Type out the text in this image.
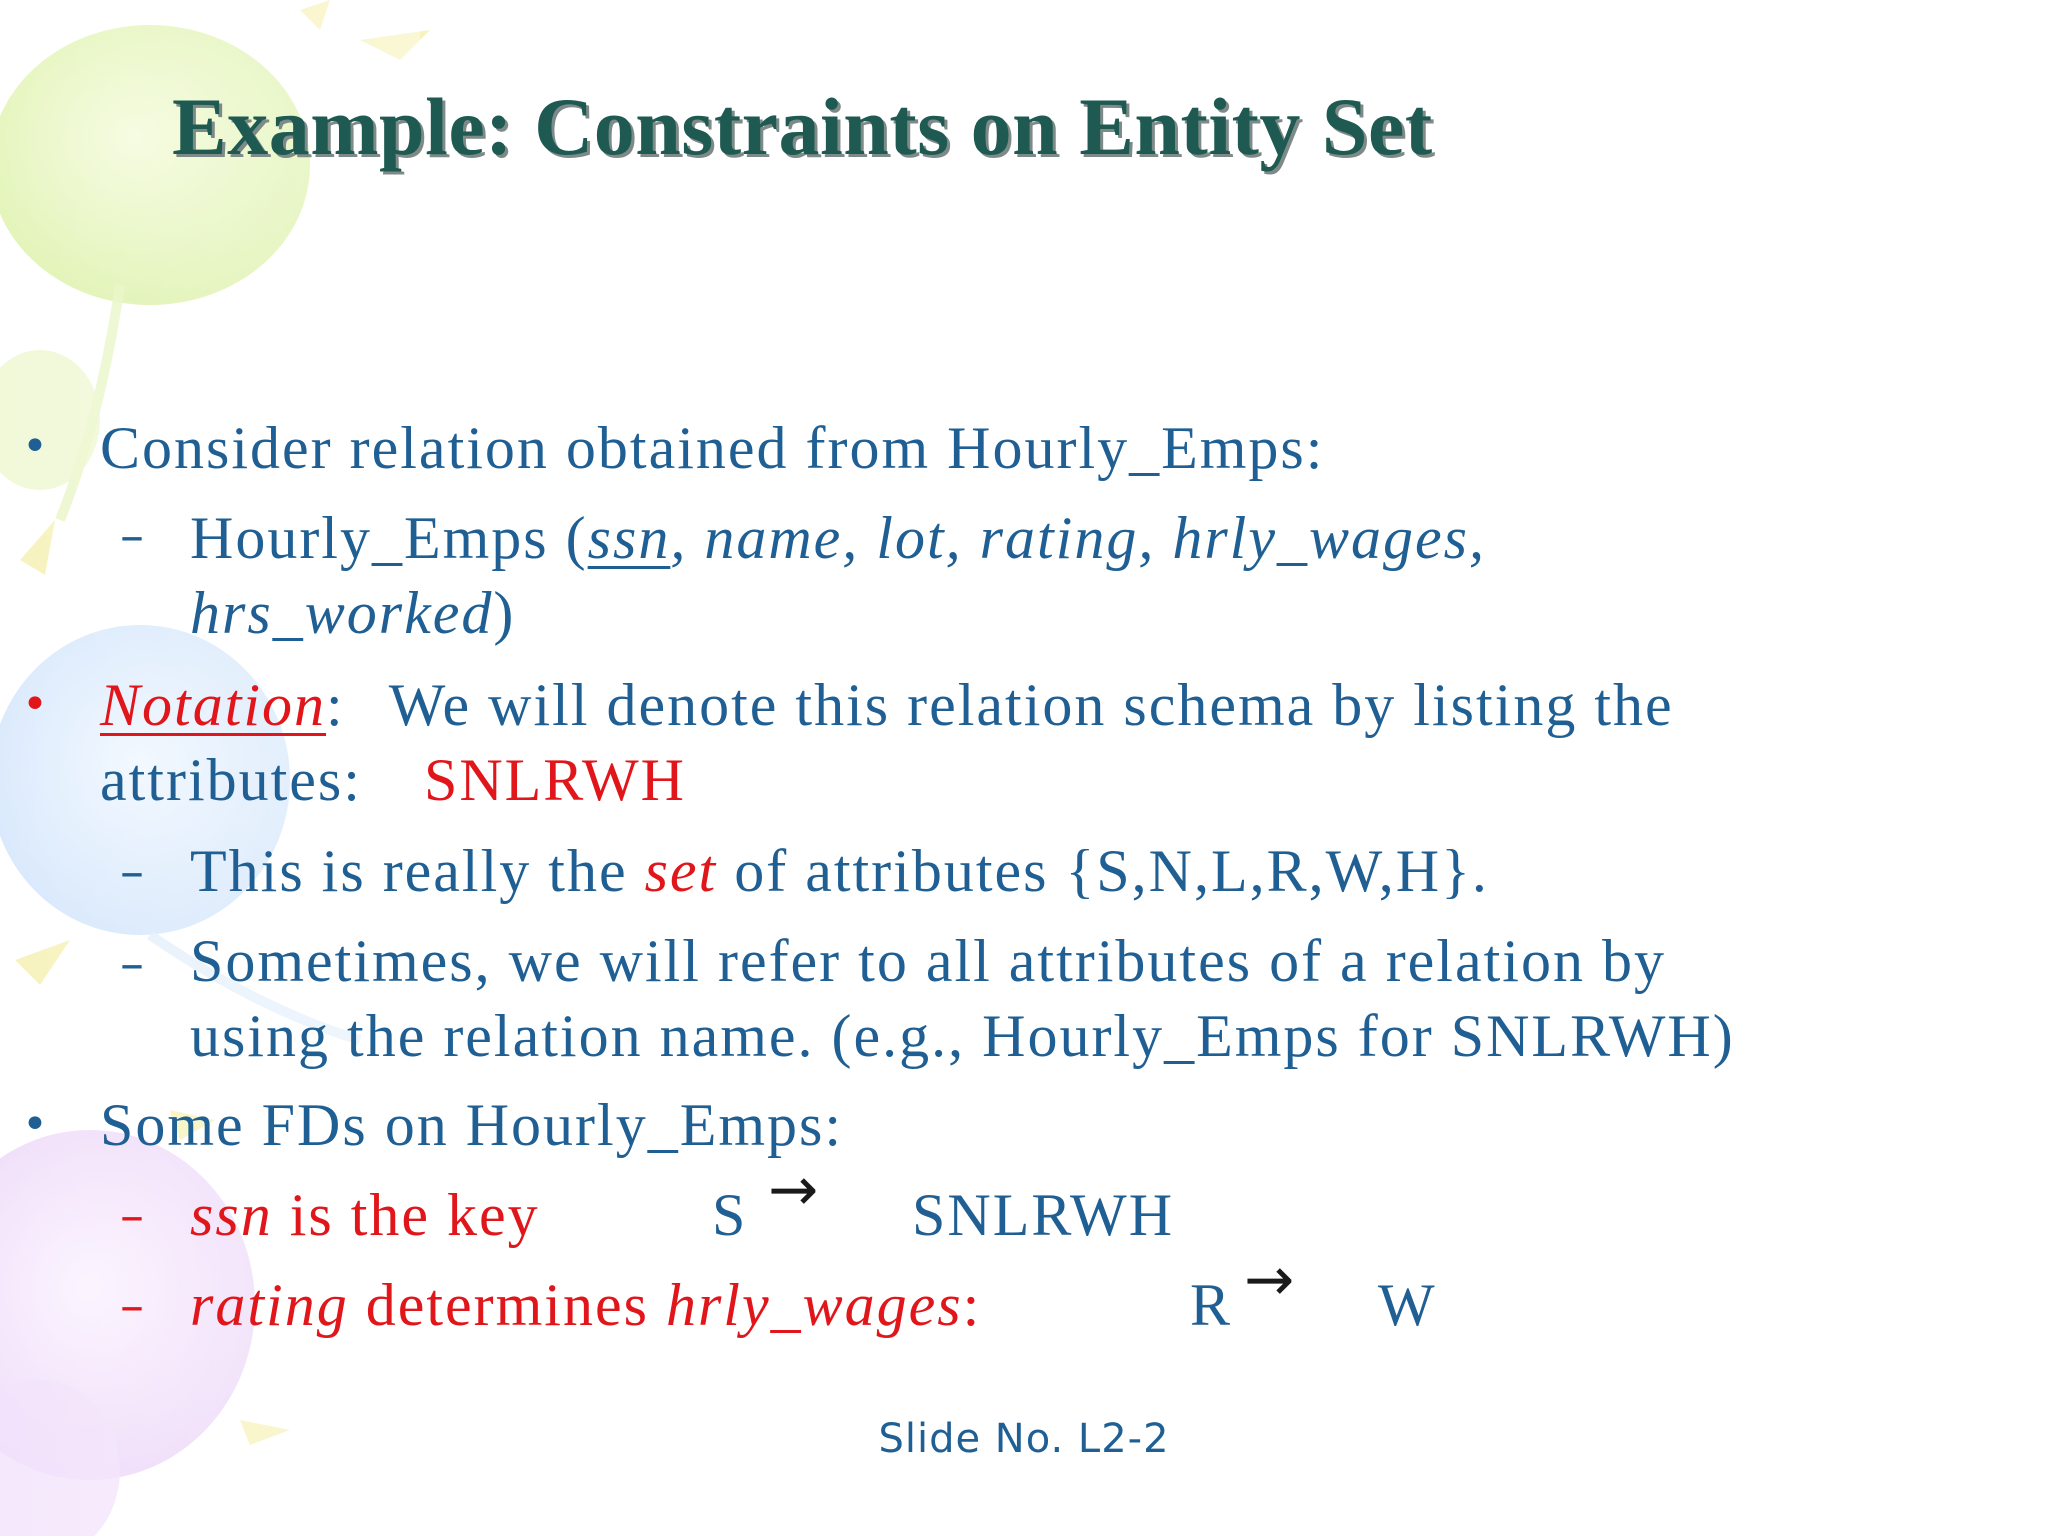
Example: Constraints on Entity Set
• Consider relation obtained from Hourly_Emps:
– Hourly_Emps (ssn, name, lot, rating, hrly_wages,
hrs_worked)
• Notation: We will denote this relation schema by listing the
attributes: SNLRWH
– This is really the set of attributes {S,N,L,R,W,H}.
– Sometimes, we will refer to all attributes of a relation by
using the relation name. (e.g., Hourly_Emps for SNLRWH)
• Some FDs on Hourly_Emps:
– ssn is the key	S → SNLRWH
– rating determines hrly_wages:	R → W
Slide No. L2-2
